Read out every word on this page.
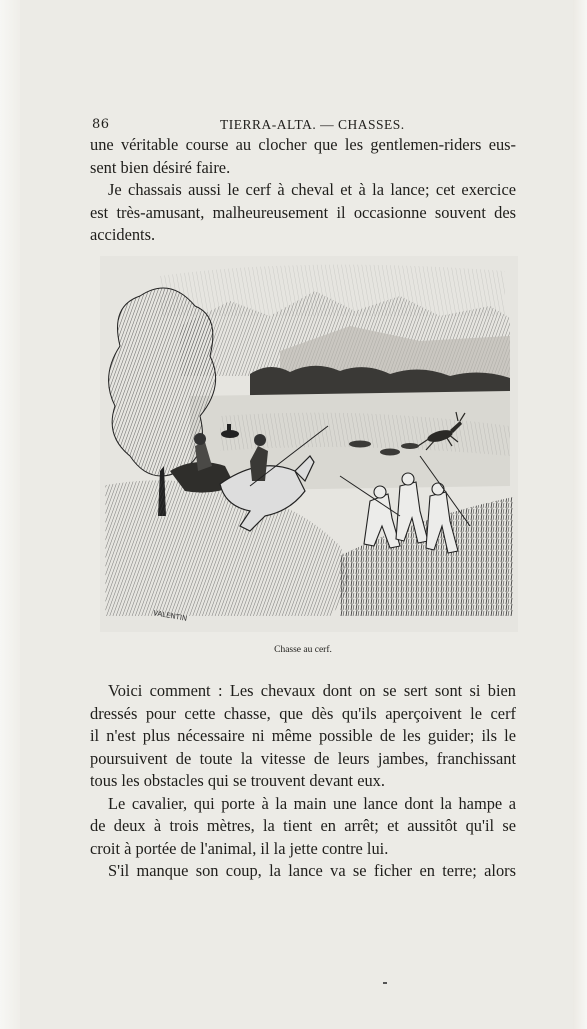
86	TIERRA-ALTA. — CHASSES.

une véritable course au clocher que les gentlemen-riders eus-

sent bien désiré faire.

Je chassais aussi le cerf à cheval et à la lance; cet exercice

est très-amusant, malheureusement il occasionne souvent des

accidents.

VALENTIN
Chasse au cerf.

Voici comment : Les chevaux dont on se sert sont si bien

dressés pour cette chasse, que dès qu'ils aperçoivent le cerf

il n'est plus nécessaire ni même possible de les guider; ils le

poursuivent de toute la vitesse de leurs jambes, franchissant

tous les obstacles qui se trouvent devant eux.

Le cavalier, qui porte à la main une lance dont la hampe a

de deux à trois mètres, la tient en arrêt; et aussitôt qu'il se

croit à portée de l'animal, il la jette contre lui.

S'il manque son coup, la lance va se ficher en terre; alors
